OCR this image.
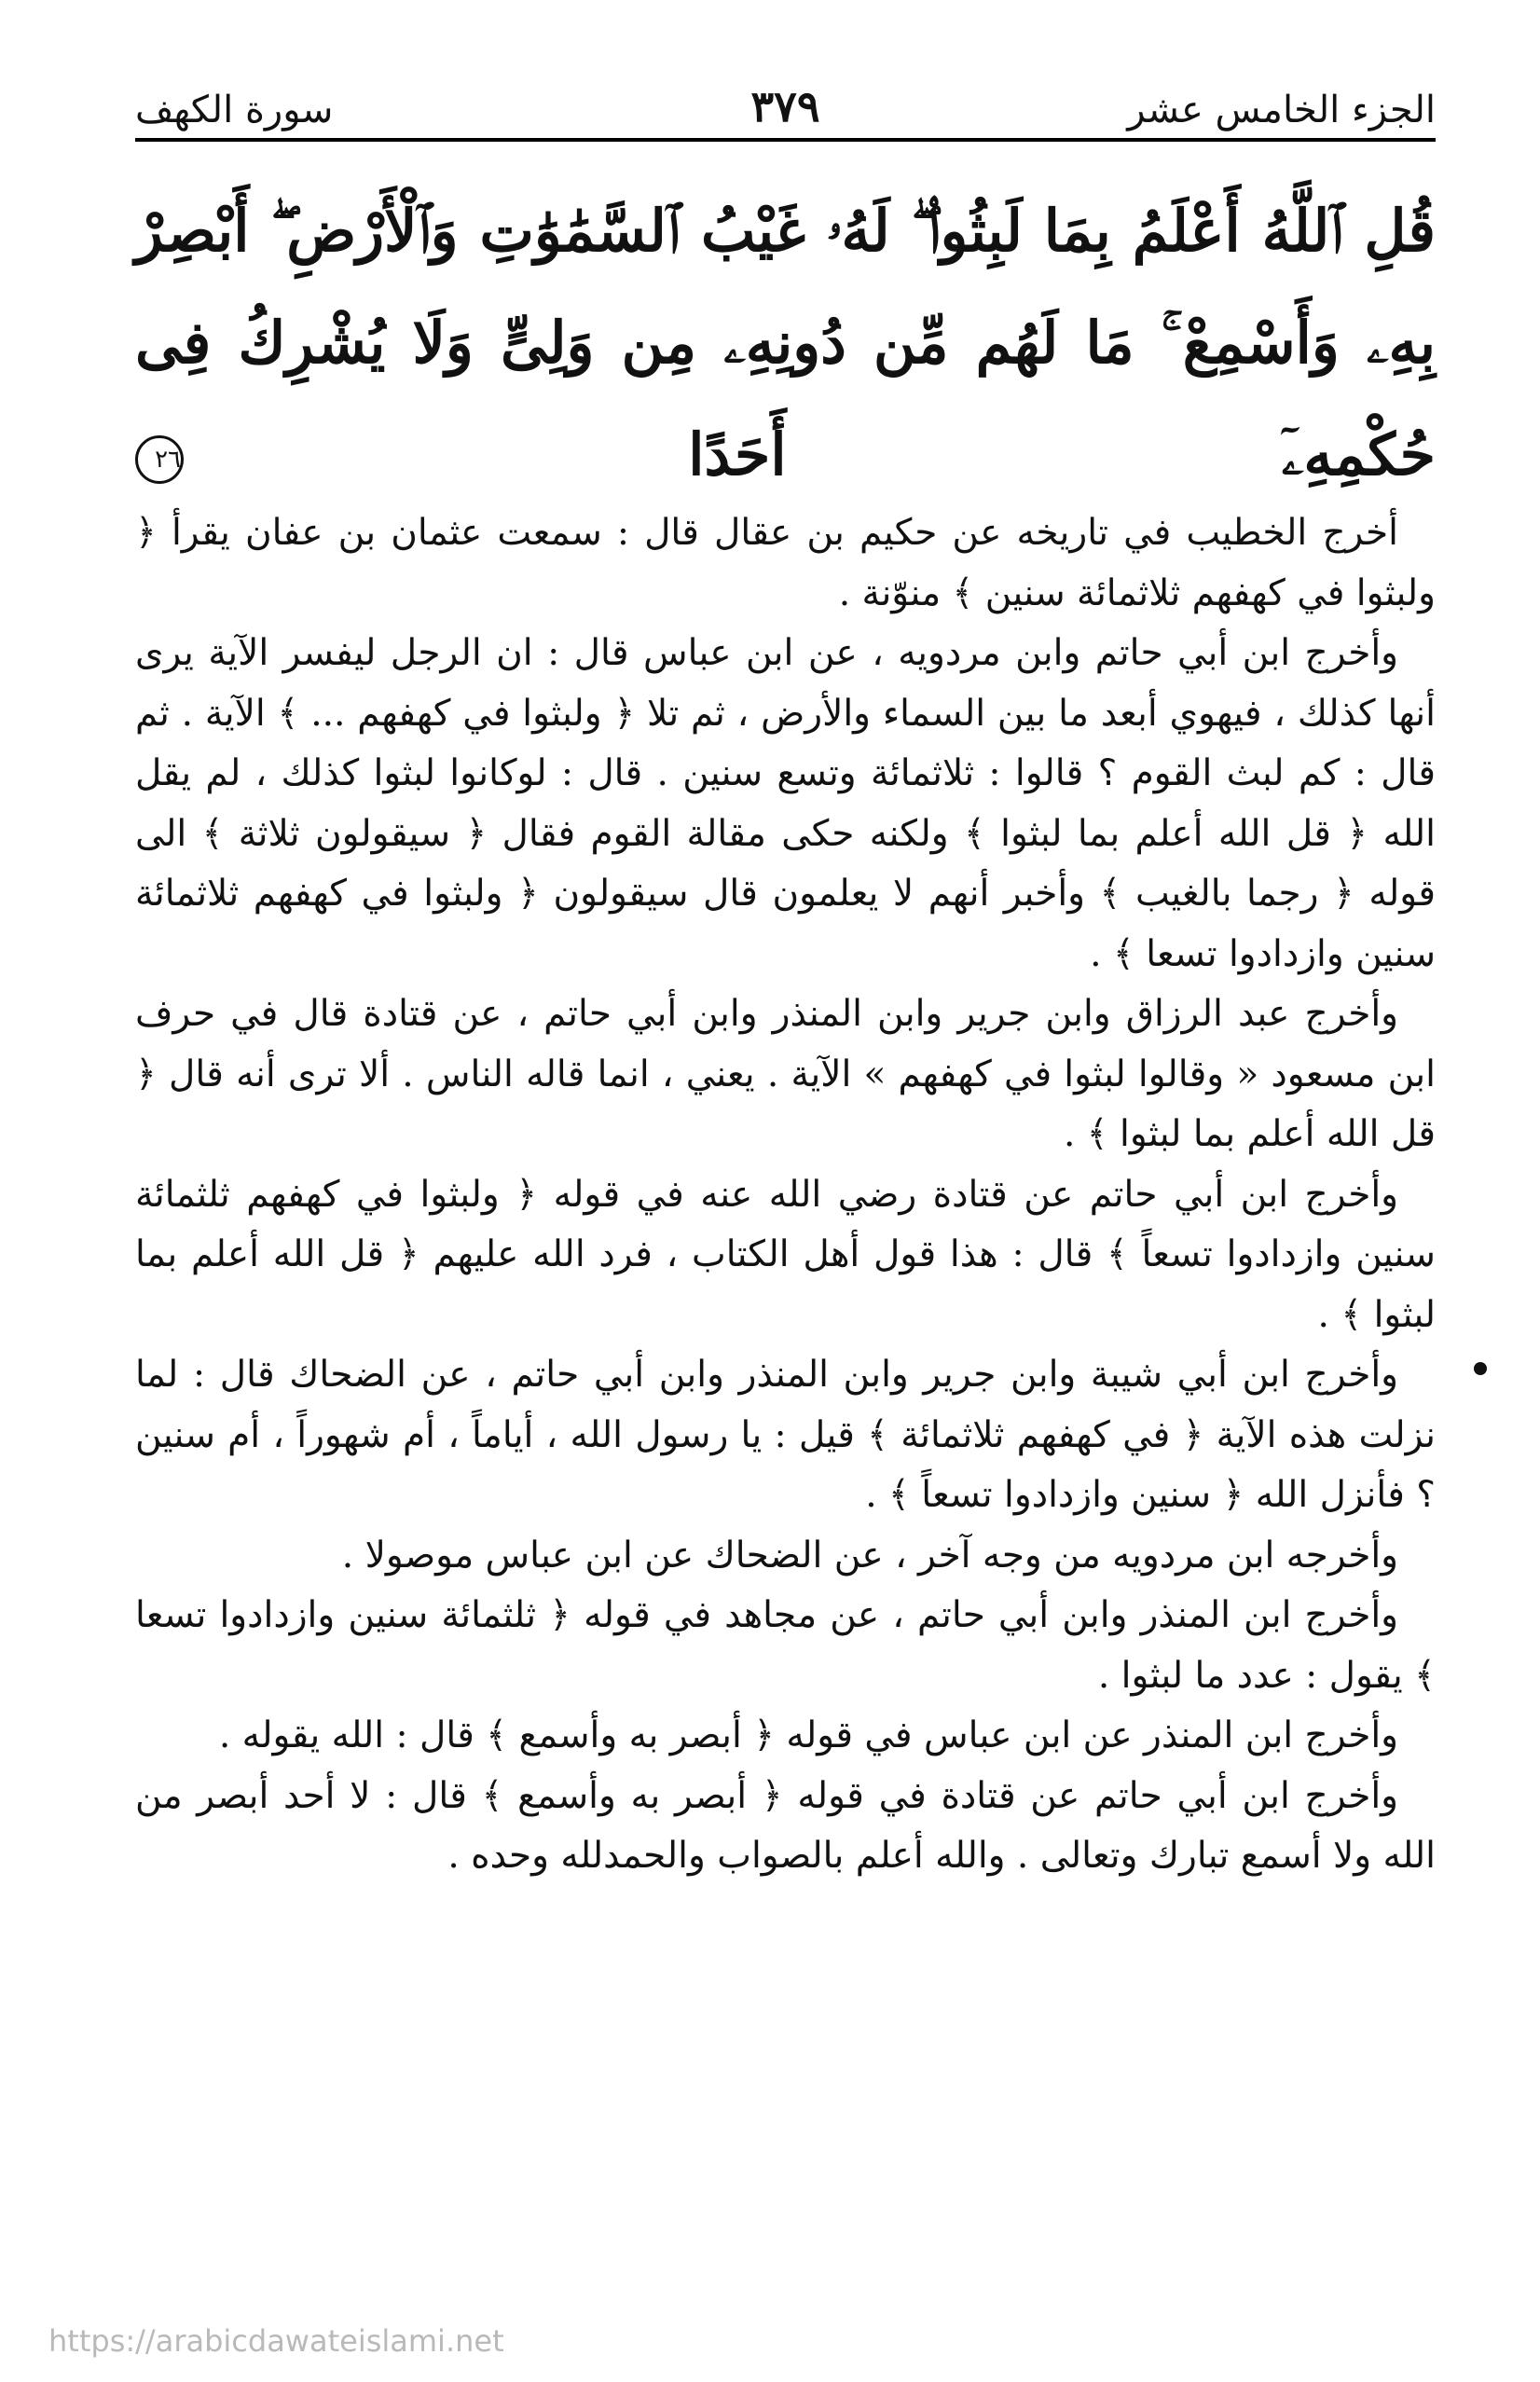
سورة الكهف	٣٧٩	الجزء الخامس عشر
قُلِ ٱللَّهُ أَعْلَمُ بِمَا لَبِثُوا۟ ۖ لَهُۥ غَيْبُ ٱلسَّمَٰوَٰتِ وَٱلْأَرْضِ ۖ أَبْصِرْ بِهِۦ وَأَسْمِعْ ۚ مَا لَهُم مِّن دُونِهِۦ مِن وَلِىٍّ وَلَا يُشْرِكُ فِى حُكْمِهِۦٓ أَحَدًا ٢٦

أخرج الخطيب في تاريخه عن حكيم بن عقال قال : سمعت عثمان بن عفان يقرأ ﴿ ولبثوا في كهفهم ثلاثمائة سنين ﴾ منوّنة .

وأخرج ابن أبي حاتم وابن مردويه ، عن ابن عباس قال : ان الرجل ليفسر الآية يرى أنها كذلك ، فيهوي أبعد ما بين السماء والأرض ، ثم تلا ﴿ ولبثوا في كهفهم ... ﴾ الآية . ثم قال : كم لبث القوم ؟ قالوا : ثلاثمائة وتسع سنين . قال : لوكانوا لبثوا كذلك ، لم يقل الله ﴿ قل الله أعلم بما لبثوا ﴾ ولكنه حكى مقالة القوم فقال ﴿ سيقولون ثلاثة ﴾ الى قوله ﴿ رجما بالغيب ﴾ وأخبر أنهم لا يعلمون قال سيقولون ﴿ ولبثوا في كهفهم ثلاثمائة سنين وازدادوا تسعا ﴾ .

وأخرج عبد الرزاق وابن جرير وابن المنذر وابن أبي حاتم ، عن قتادة قال في حرف ابن مسعود « وقالوا لبثوا في كهفهم » الآية . يعني ، انما قاله الناس . ألا ترى أنه قال ﴿ قل الله أعلم بما لبثوا ﴾ .

وأخرج ابن أبي حاتم عن قتادة رضي الله عنه في قوله ﴿ ولبثوا في كهفهم ثلثمائة سنين وازدادوا تسعاً ﴾ قال : هذا قول أهل الكتاب ، فرد الله عليهم ﴿ قل الله أعلم بما لبثوا ﴾ .

وأخرج ابن أبي شيبة وابن جرير وابن المنذر وابن أبي حاتم ، عن الضحاك قال : لما نزلت هذه الآية ﴿ في كهفهم ثلاثمائة ﴾ قيل : يا رسول الله ، أياماً ، أم شهوراً ، أم سنين ؟ فأنزل الله ﴿ سنين وازدادوا تسعاً ﴾ .

وأخرجه ابن مردويه من وجه آخر ، عن الضحاك عن ابن عباس موصولا .

وأخرج ابن المنذر وابن أبي حاتم ، عن مجاهد في قوله ﴿ ثلثمائة سنين وازدادوا تسعا ﴾ يقول : عدد ما لبثوا .

وأخرج ابن المنذر عن ابن عباس في قوله ﴿ أبصر به وأسمع ﴾ قال : الله يقوله .

وأخرج ابن أبي حاتم عن قتادة في قوله ﴿ أبصر به وأسمع ﴾ قال : لا أحد أبصر من الله ولا أسمع تبارك وتعالى . والله أعلم بالصواب والحمدلله وحده .

https://arabicdawateislami.net
